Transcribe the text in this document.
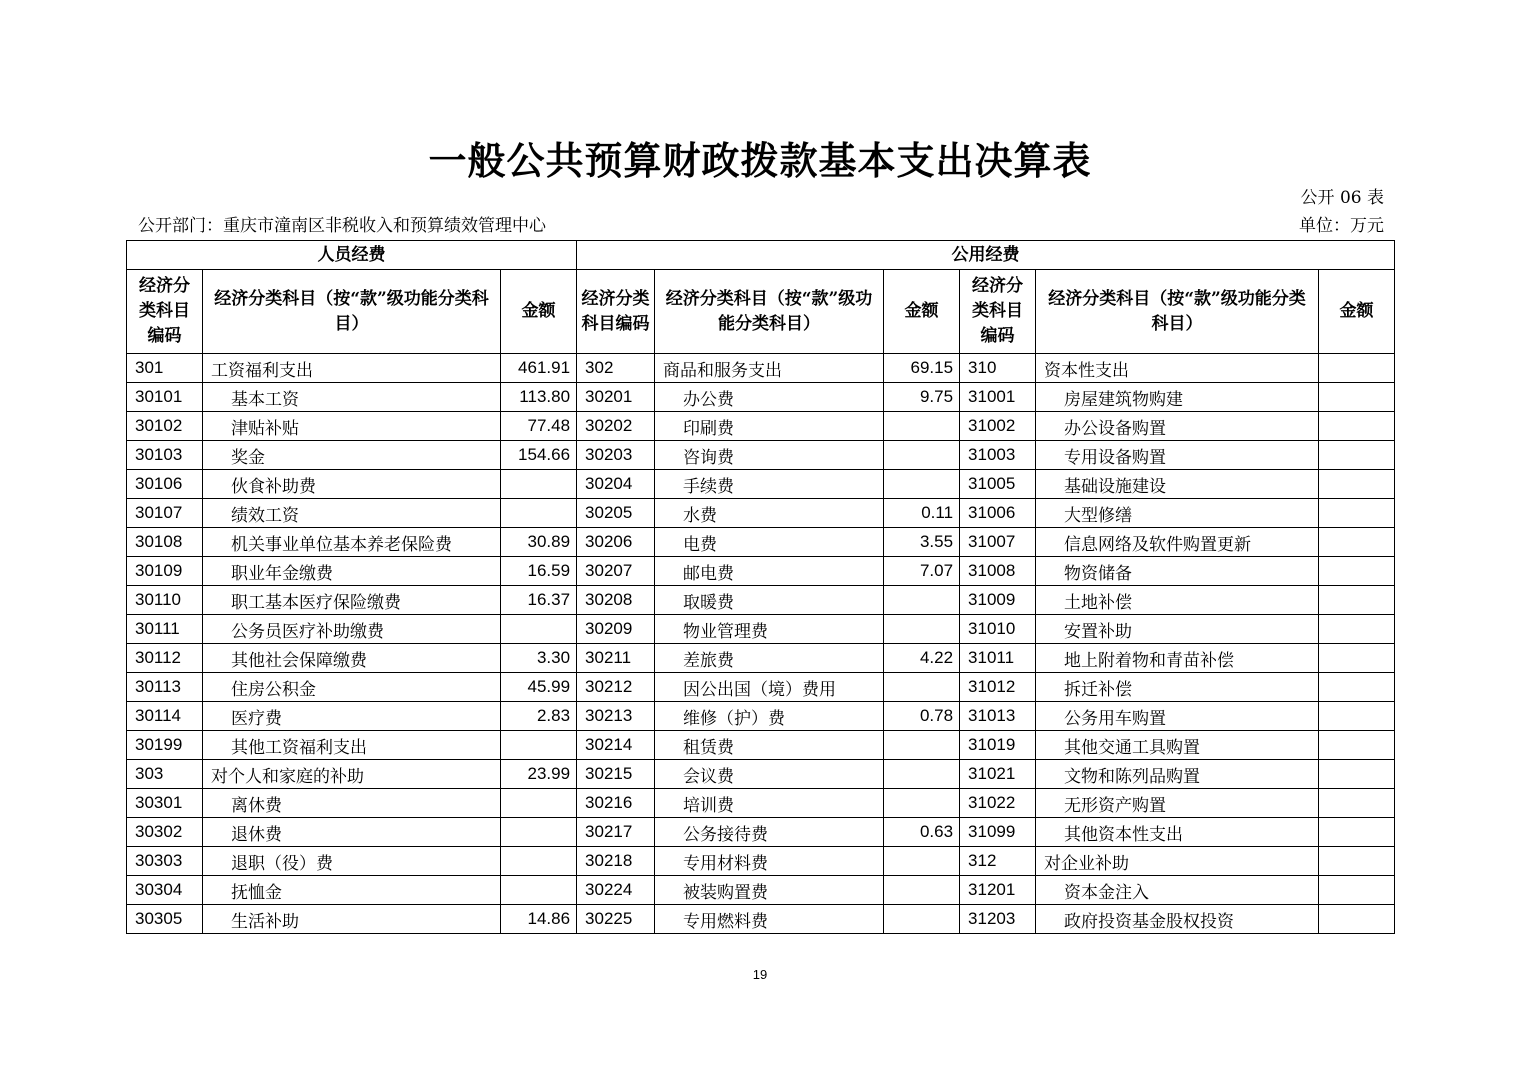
一般公共预算财政拨款基本支出决算表
公开 06 表
公开部门：重庆市潼南区非税收入和预算绩效管理中心	单位：万元
人员经费			公用经费					
经济分类科目编码	经济分类科目（按“款”级功能分类科目）	金额	经济分类科目编码	经济分类科目（按“款”级功能分类科目）	金额	经济分类科目编码	经济分类科目（按“款”级功能分类科目）	金额
301	工资福利支出	461.91	302	商品和服务支出	69.15	310	资本性支出	
30101	基本工资	113.80	30201	办公费	9.75	31001	房屋建筑物购建	
30102	津贴补贴	77.48	30202	印刷费		31002	办公设备购置	
30103	奖金	154.66	30203	咨询费		31003	专用设备购置	
30106	伙食补助费		30204	手续费		31005	基础设施建设	
30107	绩效工资		30205	水费	0.11	31006	大型修缮	
30108	机关事业单位基本养老保险费	30.89	30206	电费	3.55	31007	信息网络及软件购置更新	
30109	职业年金缴费	16.59	30207	邮电费	7.07	31008	物资储备	
30110	职工基本医疗保险缴费	16.37	30208	取暖费		31009	土地补偿	
30111	公务员医疗补助缴费		30209	物业管理费		31010	安置补助	
30112	其他社会保障缴费	3.30	30211	差旅费	4.22	31011	地上附着物和青苗补偿	
30113	住房公积金	45.99	30212	因公出国（境）费用		31012	拆迁补偿	
30114	医疗费	2.83	30213	维修（护）费	0.78	31013	公务用车购置	
30199	其他工资福利支出		30214	租赁费		31019	其他交通工具购置	
303	对个人和家庭的补助	23.99	30215	会议费		31021	文物和陈列品购置	
30301	离休费		30216	培训费		31022	无形资产购置	
30302	退休费		30217	公务接待费	0.63	31099	其他资本性支出	
30303	退职（役）费		30218	专用材料费		312	对企业补助	
30304	抚恤金		30224	被装购置费		31201	资本金注入	
30305	生活补助	14.86	30225	专用燃料费		31203	政府投资基金股权投资	
19
